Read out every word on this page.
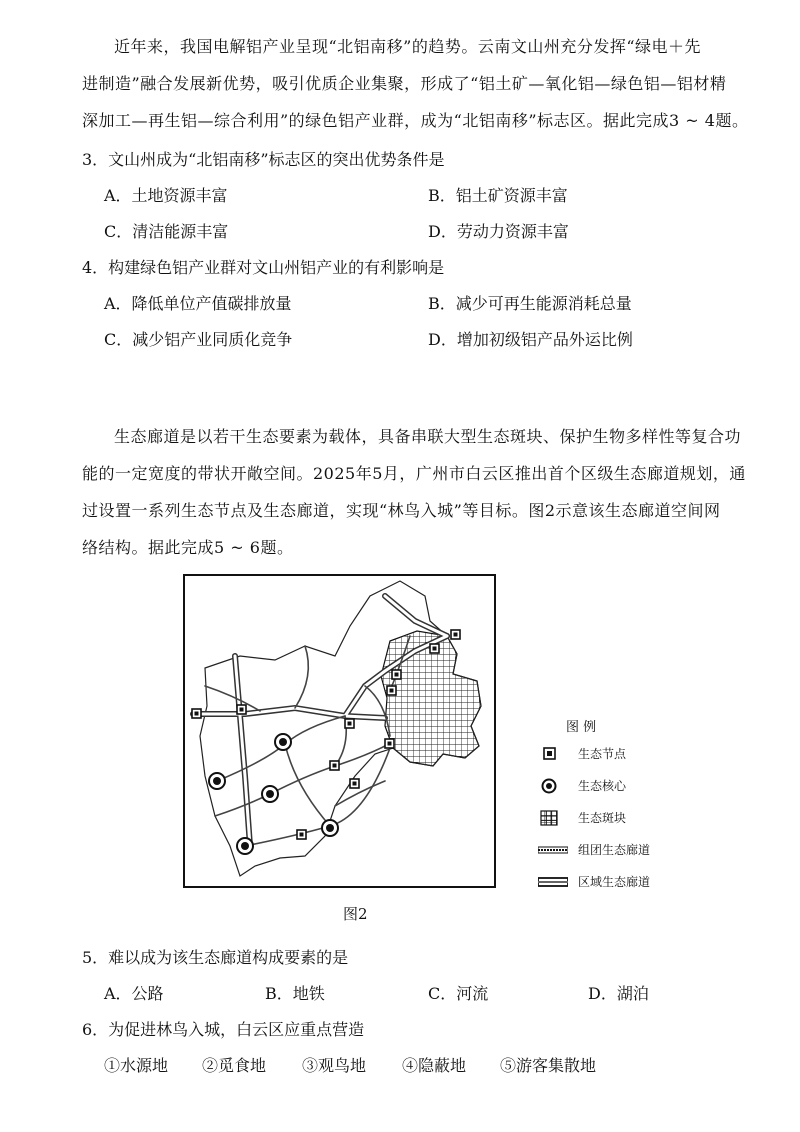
近年来，我国电解铝产业呈现“北铝南移”的趋势。云南文山州充分发挥“绿电＋先
进制造”融合发展新优势，吸引优质企业集聚，形成了“铝土矿—氧化铝—绿色铝—铝材精
深加工—再生铝—综合利用”的绿色铝产业群，成为“北铝南移”标志区。据此完成3 ~ 4题。
3．文山州成为“北铝南移”标志区的突出优势条件是
A．土地资源丰富	B．铝土矿资源丰富
C．清洁能源丰富	D．劳动力资源丰富
4．构建绿色铝产业群对文山州铝产业的有利影响是
A．降低单位产值碳排放量	B．减少可再生能源消耗总量
C．减少铝产业同质化竞争	D．增加初级铝产品外运比例
生态廊道是以若干生态要素为载体，具备串联大型生态斑块、保护生物多样性等复合功
能的一定宽度的带状开敞空间。2025年5月，广州市白云区推出首个区级生态廊道规划，通
过设置一系列生态节点及生态廊道，实现“林鸟入城”等目标。图2示意该生态廊道空间网
络结构。据此完成5 ~ 6题。
图 例
生态节点
生态核心
生态斑块
组团生态廊道
区域生态廊道
图2
5．难以成为该生态廊道构成要素的是
A．公路	B．地铁	C．河流	D．湖泊
6．为促进林鸟入城，白云区应重点营造
①水源地 ②觅食地 ③观鸟地 ④隐蔽地 ⑤游客集散地
